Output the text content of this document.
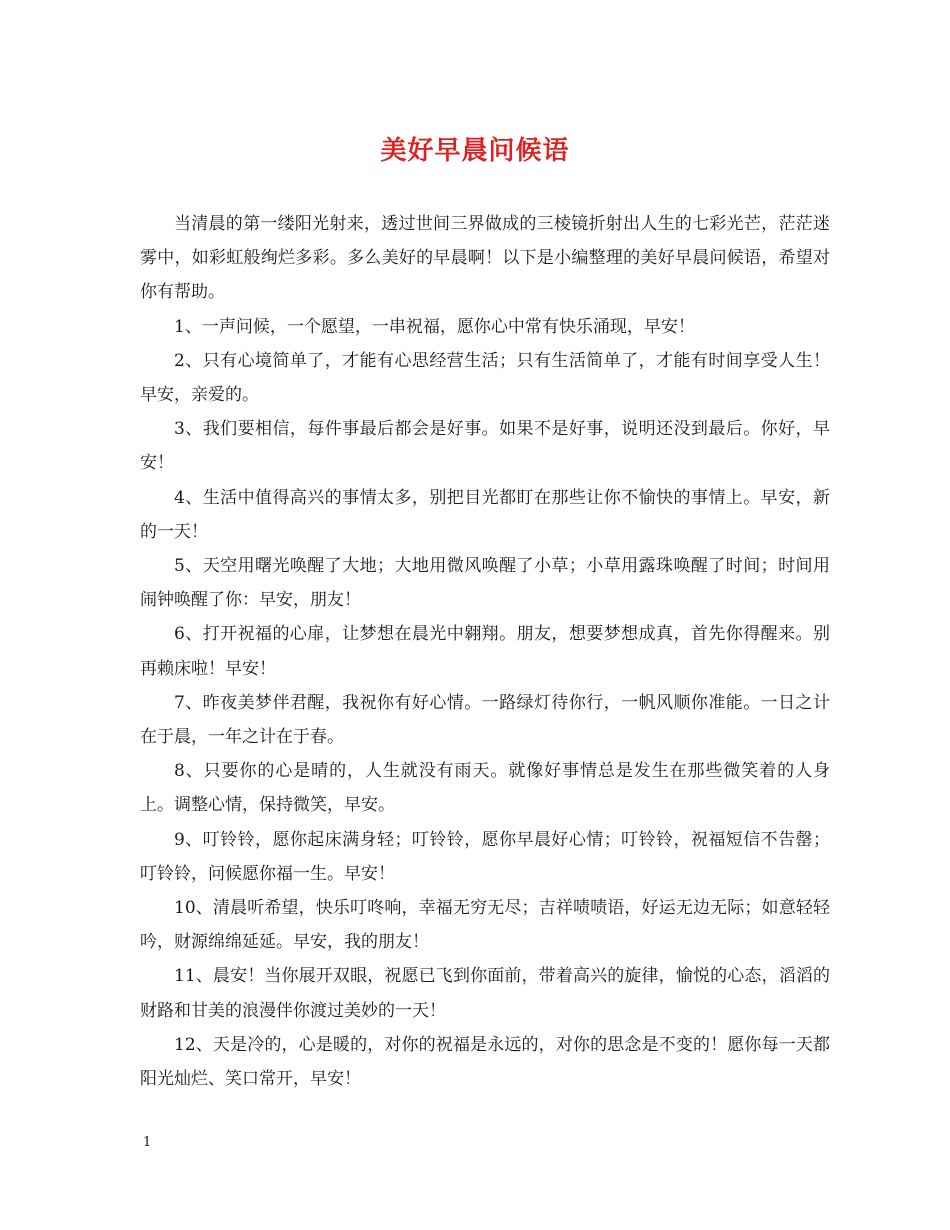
美好早晨问候语

当清晨的第一缕阳光射来，透过世间三界做成的三棱镜折射出人生的七彩光芒，茫茫迷雾中，如彩虹般绚烂多彩。多么美好的早晨啊！以下是小编整理的美好早晨问候语，希望对你有帮助。

1、一声问候，一个愿望，一串祝福，愿你心中常有快乐涌现，早安！

2、只有心境简单了，才能有心思经营生活；只有生活简单了，才能有时间享受人生！早安，亲爱的。

3、我们要相信，每件事最后都会是好事。如果不是好事，说明还没到最后。你好，早安！

4、生活中值得高兴的事情太多，别把目光都盯在那些让你不愉快的事情上。早安，新的一天！

5、天空用曙光唤醒了大地；大地用微风唤醒了小草；小草用露珠唤醒了时间；时间用闹钟唤醒了你：早安，朋友！

6、打开祝福的心扉，让梦想在晨光中翱翔。朋友，想要梦想成真，首先你得醒来。别再赖床啦！早安！

7、昨夜美梦伴君醒，我祝你有好心情。一路绿灯待你行，一帆风顺你准能。一日之计在于晨，一年之计在于春。

8、只要你的心是晴的，人生就没有雨天。就像好事情总是发生在那些微笑着的人身上。调整心情，保持微笑，早安。

9、叮铃铃，愿你起床满身轻；叮铃铃，愿你早晨好心情；叮铃铃，祝福短信不告罄；叮铃铃，问候愿你福一生。早安！

10、清晨听希望，快乐叮咚响，幸福无穷无尽；吉祥啧啧语，好运无边无际；如意轻轻吟，财源绵绵延延。早安，我的朋友！

11、晨安！当你展开双眼，祝愿已飞到你面前，带着高兴的旋律，愉悦的心态，滔滔的财路和甘美的浪漫伴你渡过美妙的一天！

12、天是冷的，心是暖的，对你的祝福是永远的，对你的思念是不变的！愿你每一天都阳光灿烂、笑口常开，早安！

1
